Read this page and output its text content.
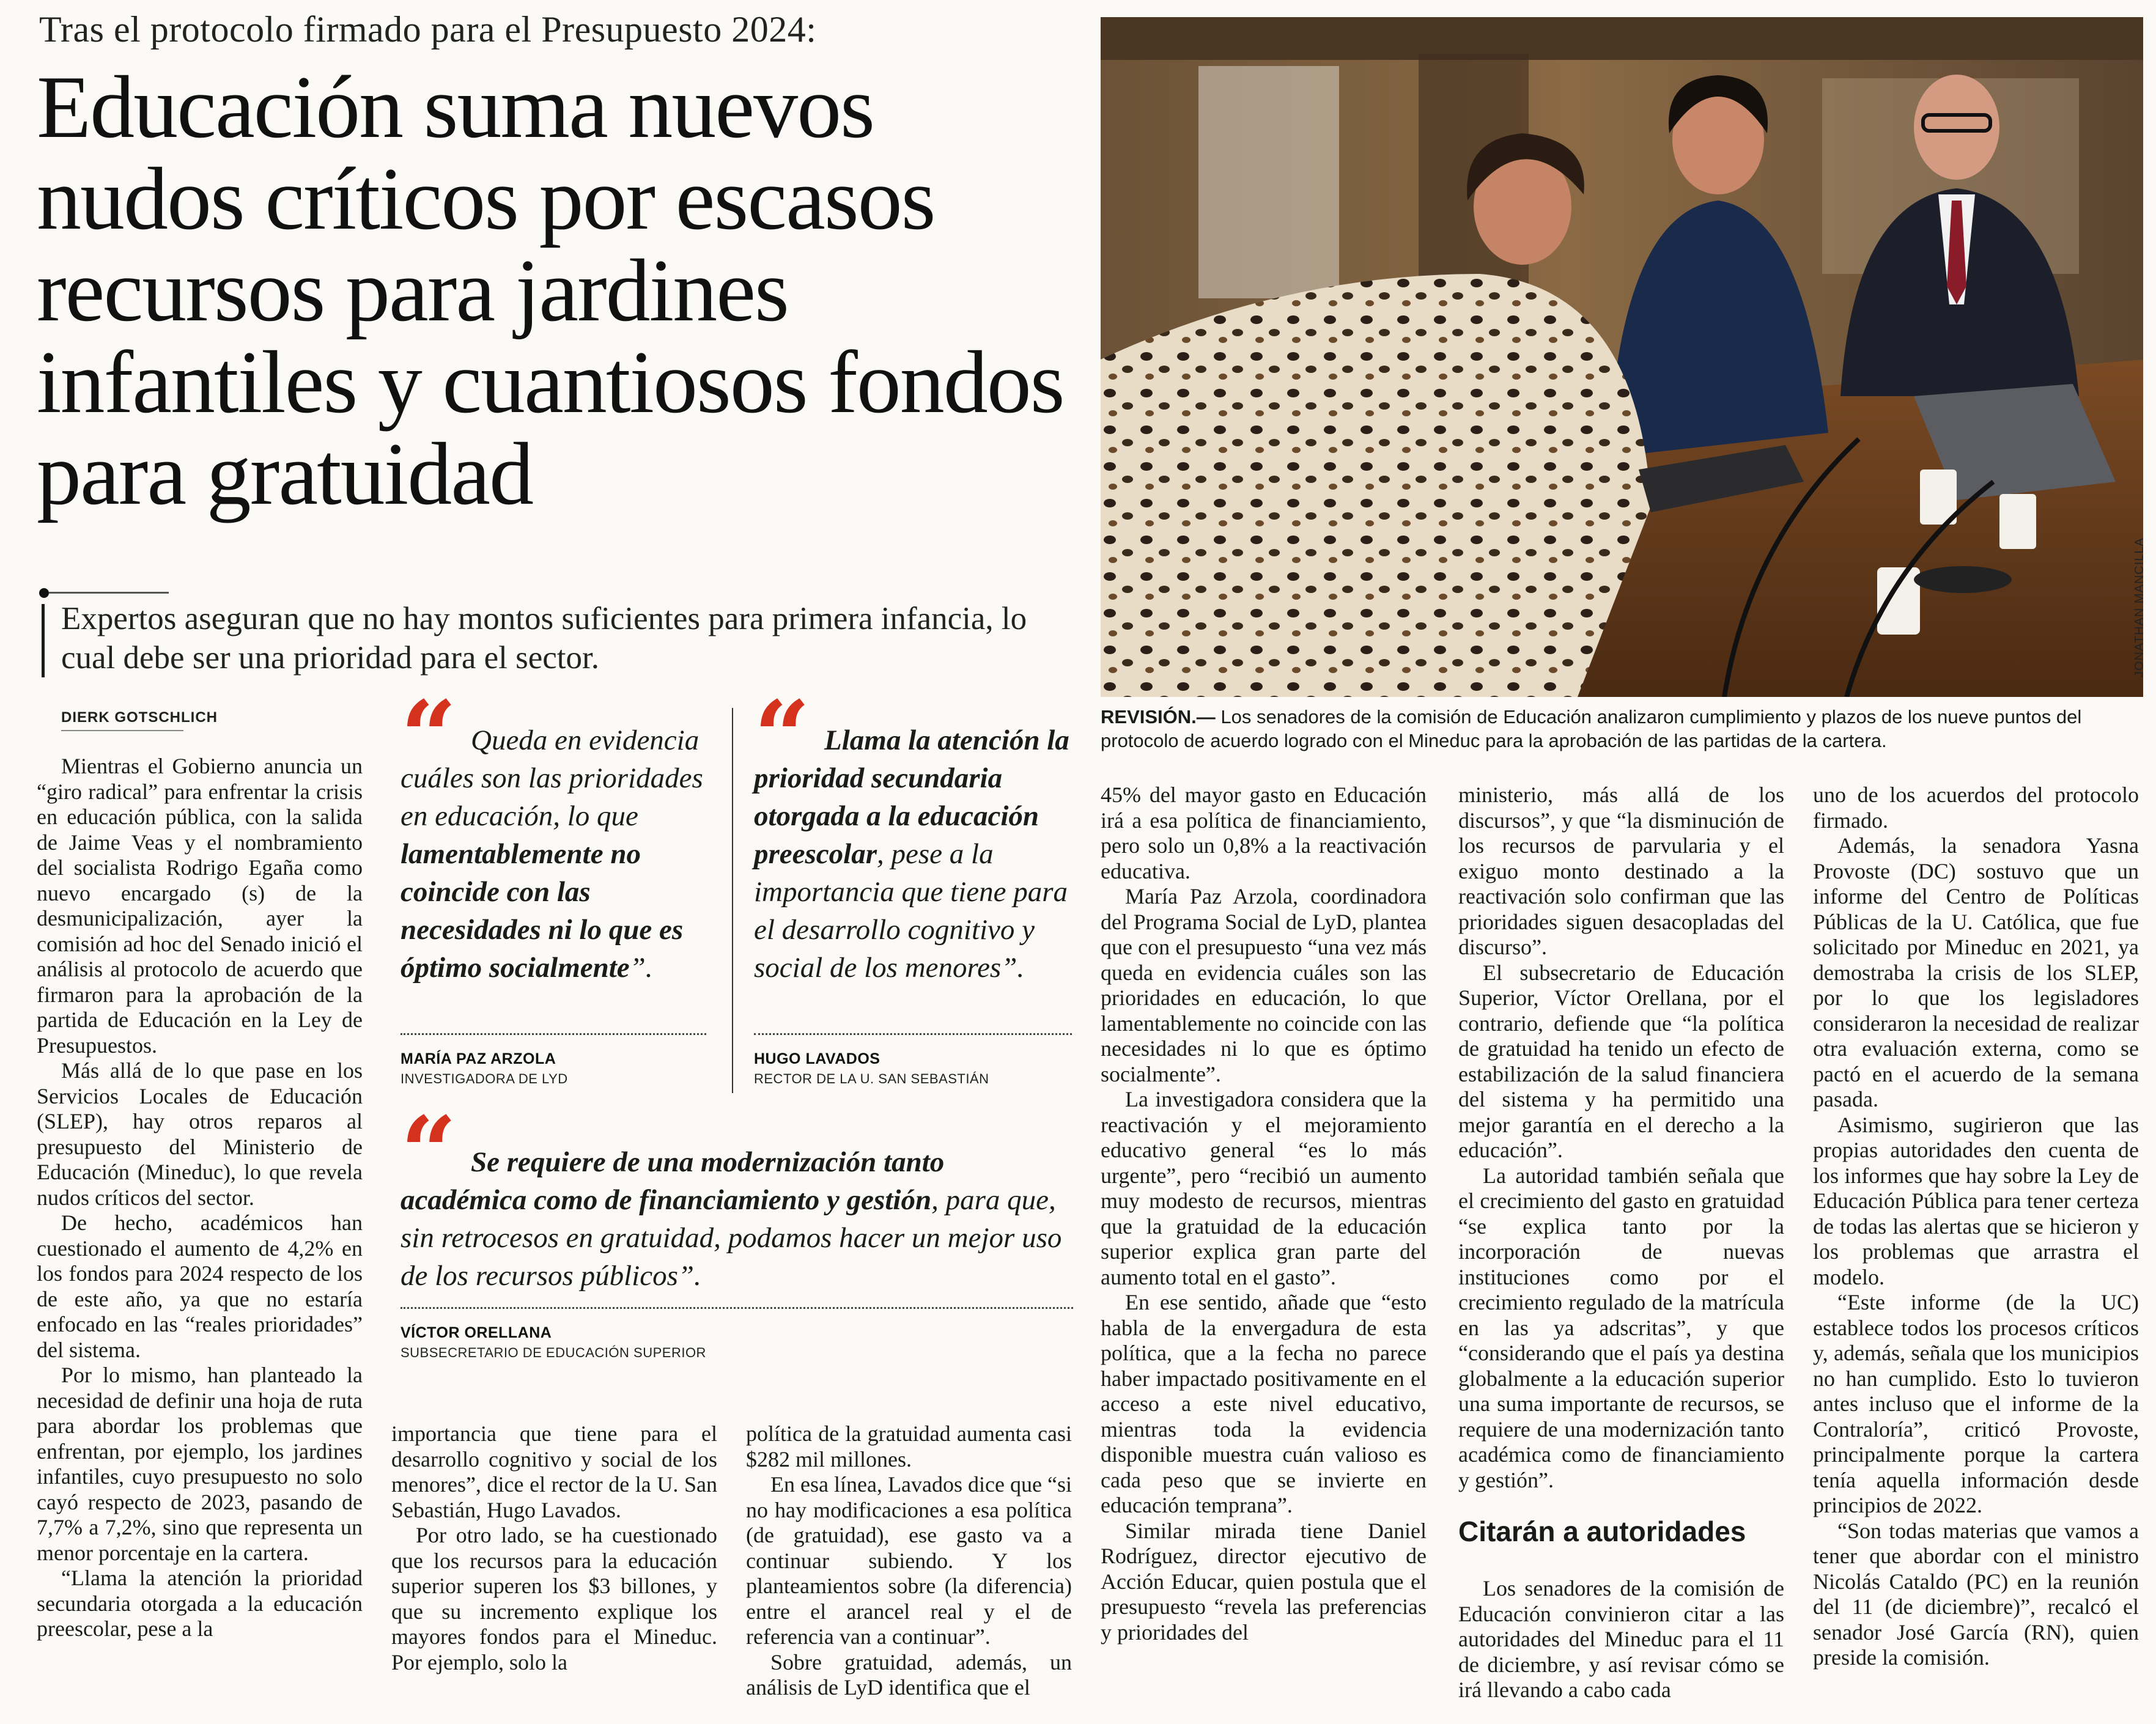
Tras el protocolo firmado para el Presupuesto 2024:
Educación suma nuevos nudos críticos por escasos recursos para jardines infantiles y cuantiosos fondos para gratuidad
Expertos aseguran que no hay montos suficientes para primera infancia, lo cual debe ser una prioridad para el sector.
DIERK GOTSCHLICH
JONATHAN MANCILLA
REVISIÓN.— Los senadores de la comisión de Educación analizaron cumplimiento y plazos de los nueve puntos del protocolo de acuerdo logrado con el Mineduc para la aprobación de las partidas de la cartera.
“ Queda en evidencia cuáles son las prioridades en educación, lo que lamentablemente no coincide con las necesidades ni lo que es óptimo socialmente”.
MARÍA PAZ ARZOLA
INVESTIGADORA DE LYD
“ Llama la atención la prioridad secundaria otorgada a la educación preescolar, pese a la importancia que tiene para el desarrollo cognitivo y social de los menores”.
HUGO LAVADOS
RECTOR DE LA U. SAN SEBASTIÁN
“ Se requiere de una modernización tanto académica como de financiamiento y gestión, para que, sin retrocesos en gratuidad, podamos hacer un mejor uso de los recursos públicos”.
VÍCTOR ORELLANA
SUBSECRETARIO DE EDUCACIÓN SUPERIOR

Mientras el Gobierno anuncia un “giro radical” para enfrentar la crisis en educación pública, con la salida de Jaime Veas y el nombramiento del socialista Rodrigo Egaña como nuevo encargado (s) de la desmunicipalización, ayer la comisión ad hoc del Senado inició el análisis al protocolo de acuerdo que firmaron para la aprobación de la partida de Educación en la Ley de Presupuestos.

Más allá de lo que pase en los Servicios Locales de Educación (SLEP), hay otros reparos al presupuesto del Ministerio de Educación (Mineduc), lo que revela nudos críticos del sector.

De hecho, académicos han cuestionado el aumento de 4,2% en los fondos para 2024 respecto de los de este año, ya que no estaría enfocado en las “reales prioridades” del sistema.

Por lo mismo, han planteado la necesidad de definir una hoja de ruta para abordar los problemas que enfrentan, por ejemplo, los jardines infantiles, cuyo presupuesto no solo cayó respecto de 2023, pasando de 7,7% a 7,2%, sino que representa un menor porcentaje en la cartera.

“Llama la atención la prioridad secundaria otorgada a la educación preescolar, pese a la

importancia que tiene para el desarrollo cognitivo y social de los menores”, dice el rector de la U. San Sebastián, Hugo Lavados.

Por otro lado, se ha cuestionado que los recursos para la educación superior superen los $3 billones, y que su incremento explique los mayores fondos para el Mineduc. Por ejemplo, solo la

política de la gratuidad aumenta casi $282 mil millones.

En esa línea, Lavados dice que “si no hay modificaciones a esa política (de gratuidad), ese gasto va a continuar subiendo. Y los planteamientos sobre (la diferencia) entre el arancel real y el de referencia van a continuar”.

Sobre gratuidad, además, un análisis de LyD identifica que el

45% del mayor gasto en Educación irá a esa política de financiamiento, pero solo un 0,8% a la reactivación educativa.

María Paz Arzola, coordinadora del Programa Social de LyD, plantea que con el presupuesto “una vez más queda en evidencia cuáles son las prioridades en educación, lo que lamentablemente no coincide con las necesidades ni lo que es óptimo socialmente”.

La investigadora considera que la reactivación y el mejoramiento educativo general “es lo más urgente”, pero “recibió un aumento muy modesto de recursos, mientras que la gratuidad de la educación superior explica gran parte del aumento total en el gasto”.

En ese sentido, añade que “esto habla de la envergadura de esta política, que a la fecha no parece haber impactado positivamente en el acceso a este nivel educativo, mientras toda la evidencia disponible muestra cuán valioso es cada peso que se invierte en educación temprana”.

Similar mirada tiene Daniel Rodríguez, director ejecutivo de Acción Educar, quien postula que el presupuesto “revela las preferencias y prioridades del

ministerio, más allá de los discursos”, y que “la disminución de los recursos de parvularia y el exiguo monto destinado a la reactivación solo confirman que las prioridades siguen desacopladas del discurso”.

El subsecretario de Educación Superior, Víctor Orellana, por el contrario, defiende que “la política de gratuidad ha tenido un efecto de estabilización de la salud financiera del sistema y ha permitido una mejor garantía en el derecho a la educación”.

La autoridad también señala que el crecimiento del gasto en gratuidad “se explica tanto por la incorporación de nuevas instituciones como por el crecimiento regulado de la matrícula en las ya adscritas”, y que “considerando que el país ya destina globalmente a la educación superior una suma importante de recursos, se requiere de una modernización tanto académica como de financiamiento y gestión”.

Citarán a autoridades

Los senadores de la comisión de Educación convinieron citar a las autoridades del Mineduc para el 11 de diciembre, y así revisar cómo se irá llevando a cabo cada

uno de los acuerdos del protocolo firmado.

Además, la senadora Yasna Provoste (DC) sostuvo que un informe del Centro de Políticas Públicas de la U. Católica, que fue solicitado por Mineduc en 2021, ya demostraba la crisis de los SLEP, por lo que los legisladores consideraron la necesidad de realizar otra evaluación externa, como se pactó en el acuerdo de la semana pasada.

Asimismo, sugirieron que las propias autoridades den cuenta de los informes que hay sobre la Ley de Educación Pública para tener certeza de todas las alertas que se hicieron y los problemas que arrastra el modelo.

“Este informe (de la UC) establece todos los procesos críticos y, además, señala que los municipios no han cumplido. Esto lo tuvieron antes incluso que el informe de la Contraloría”, criticó Provoste, principalmente porque la cartera tenía aquella información desde principios de 2022.

“Son todas materias que vamos a tener que abordar con el ministro Nicolás Cataldo (PC) en la reunión del 11 (de diciembre)”, recalcó el senador José García (RN), quien preside la comisión.
